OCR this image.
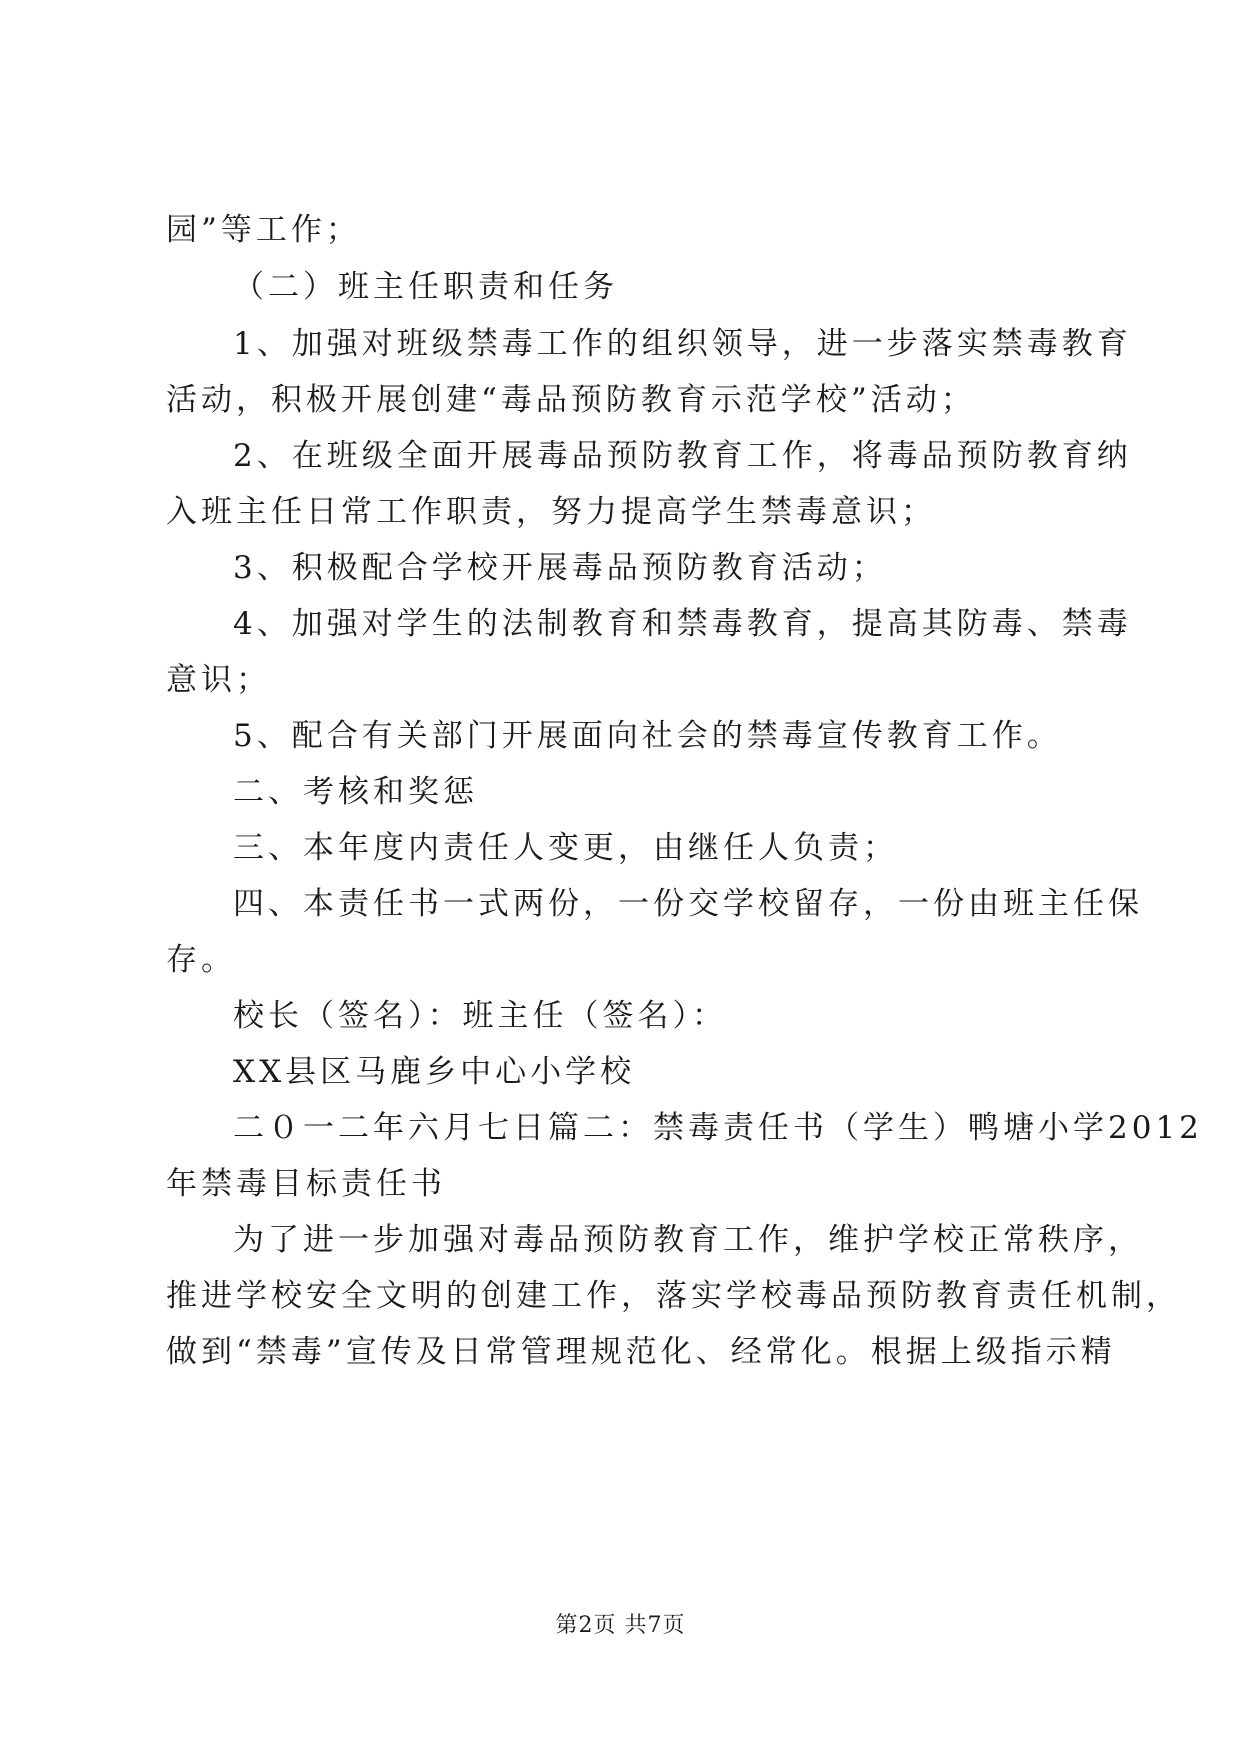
园”等工作；
（二）班主任职责和任务
1、加强对班级禁毒工作的组织领导，进一步落实禁毒教育
活动，积极开展创建“毒品预防教育示范学校”活动；
2、在班级全面开展毒品预防教育工作，将毒品预防教育纳
入班主任日常工作职责，努力提高学生禁毒意识；
3、积极配合学校开展毒品预防教育活动；
4、加强对学生的法制教育和禁毒教育，提高其防毒、禁毒
意识；
5、配合有关部门开展面向社会的禁毒宣传教育工作。
二、考核和奖惩
三、本年度内责任人变更，由继任人负责；
四、本责任书一式两份，一份交学校留存，一份由班主任保
存。
校长（签名）：班主任（签名）：
XX县区马鹿乡中心小学校
二０一二年六月七日篇二：禁毒责任书（学生）鸭塘小学2012
年禁毒目标责任书
为了进一步加强对毒品预防教育工作，维护学校正常秩序，
推进学校安全文明的创建工作，落实学校毒品预防教育责任机制，
做到“禁毒”宣传及日常管理规范化、经常化。根据上级指示精
第2页 共7页
